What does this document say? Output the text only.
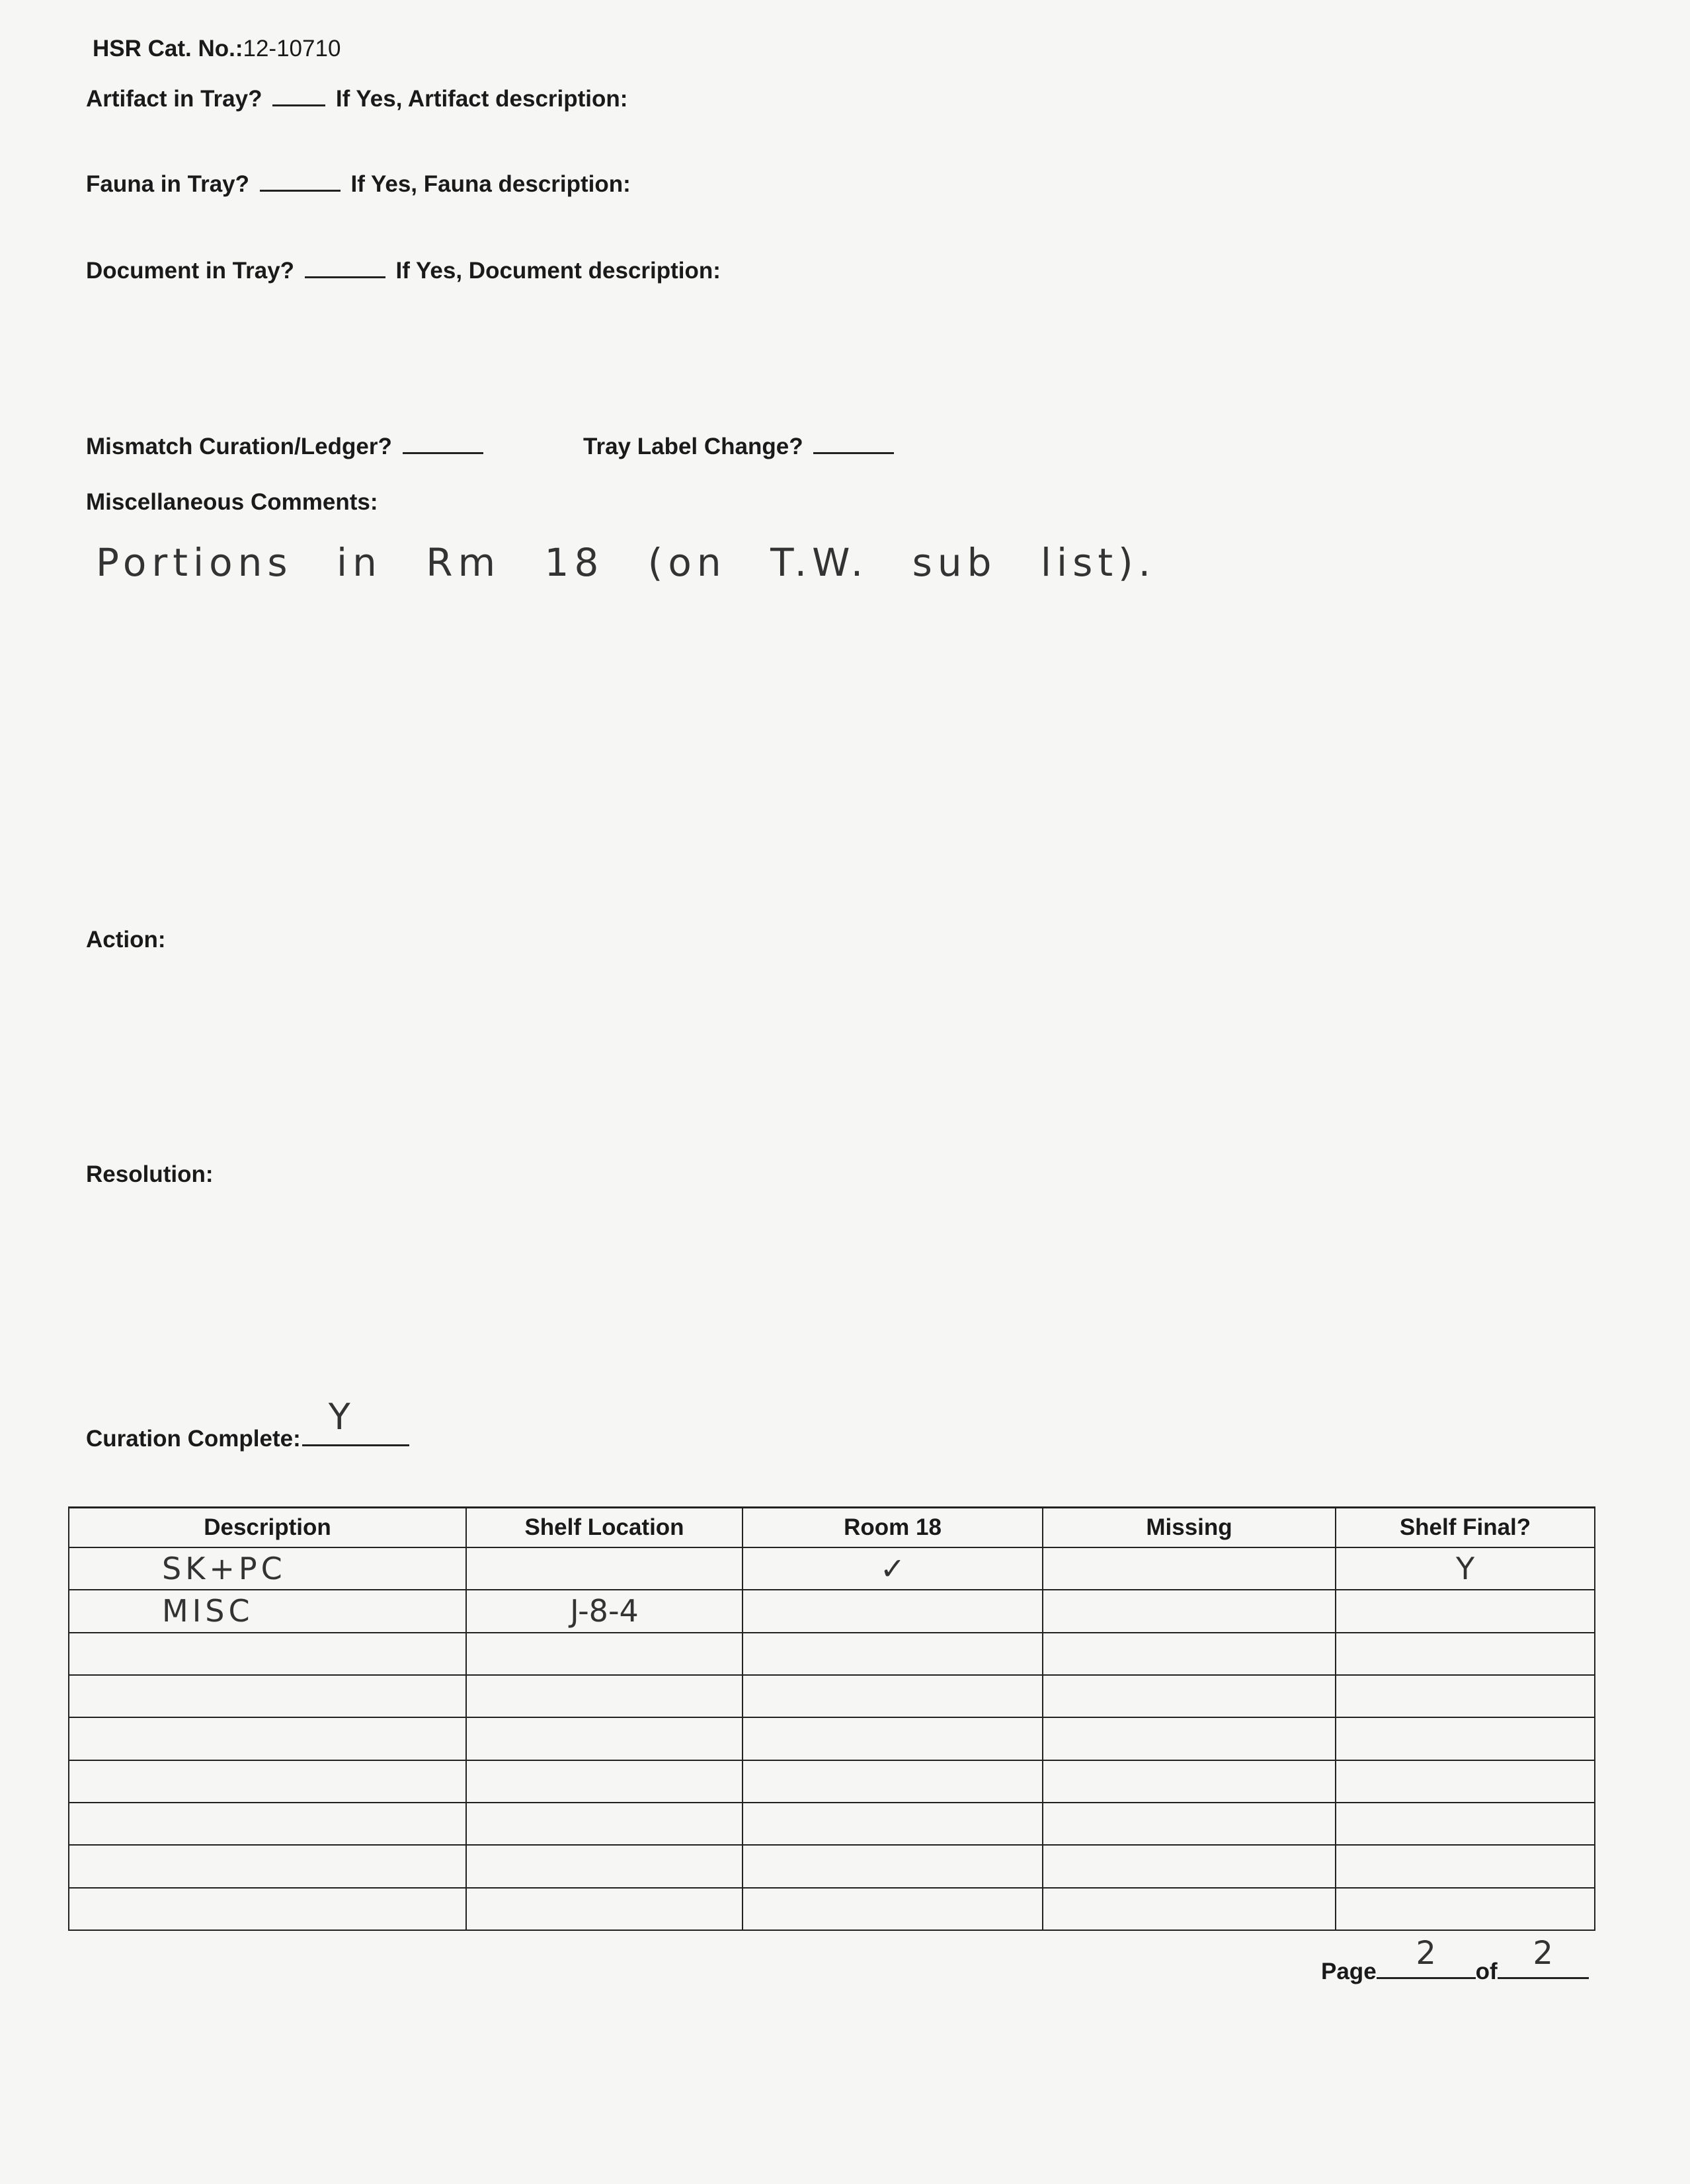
HSR Cat. No.:12-10710
Artifact in Tray?	If Yes, Artifact description:
Fauna in Tray?	If Yes, Fauna description:
Document in Tray?	If Yes, Document description:
Mismatch Curation/Ledger?	Tray Label Change?
Miscellaneous Comments:
Portions in Rm 18 (on T.W. sub list).
Action:
Resolution:
Curation Complete:
Y
Description	Shelf Location	Room 18	Missing	Shelf Final?
SK+PC		✓		Y
MISC	J-8-4			

Page	2	of	2
